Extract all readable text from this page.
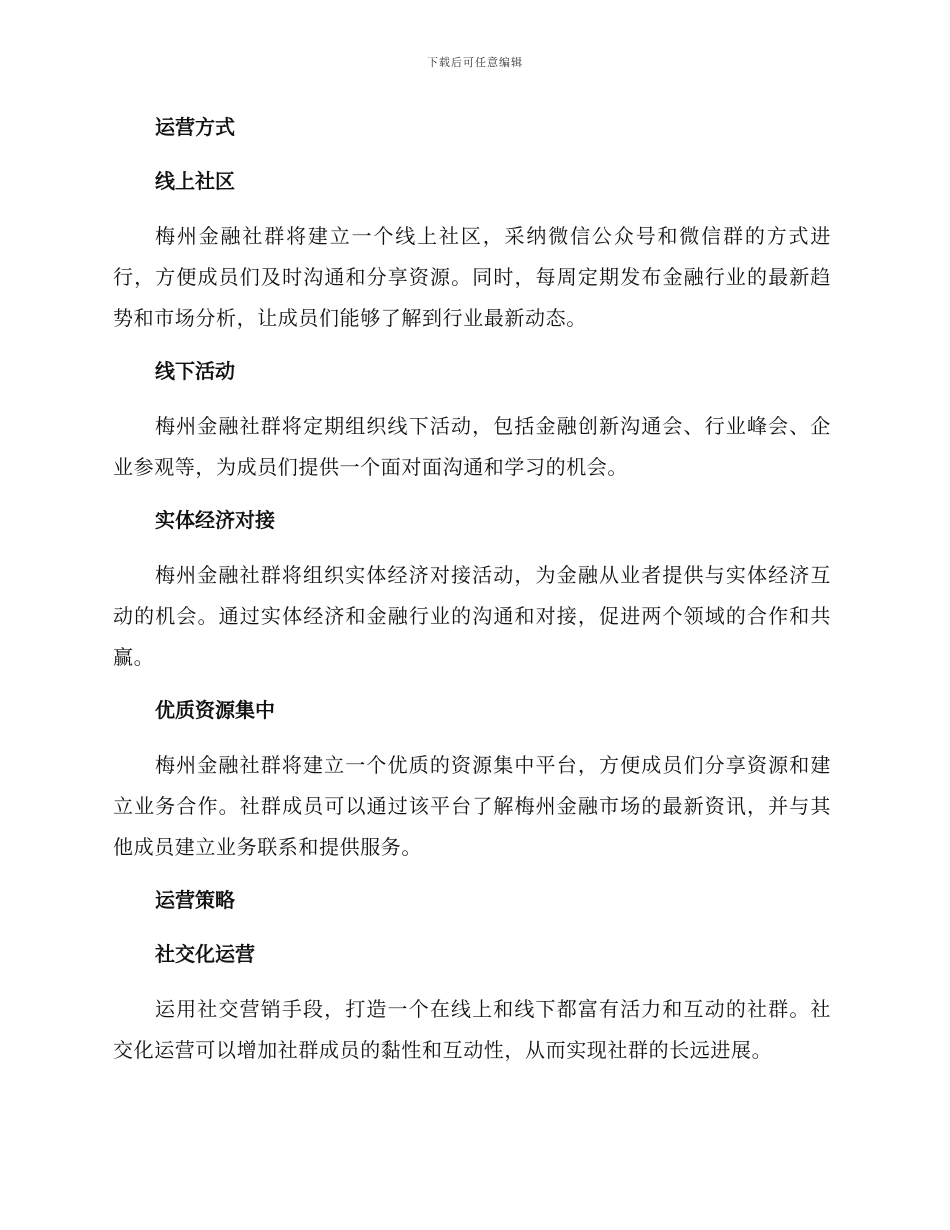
下载后可任意编辑
运营方式
线上社区

梅州金融社群将建立一个线上社区，采纳微信公众号和微信群的方式进行，方便成员们及时沟通和分享资源。同时，每周定期发布金融行业的最新趋势和市场分析，让成员们能够了解到行业最新动态。

线下活动

梅州金融社群将定期组织线下活动，包括金融创新沟通会、行业峰会、企业参观等，为成员们提供一个面对面沟通和学习的机会。

实体经济对接

梅州金融社群将组织实体经济对接活动，为金融从业者提供与实体经济互动的机会。通过实体经济和金融行业的沟通和对接，促进两个领域的合作和共赢。

优质资源集中

梅州金融社群将建立一个优质的资源集中平台，方便成员们分享资源和建立业务合作。社群成员可以通过该平台了解梅州金融市场的最新资讯，并与其他成员建立业务联系和提供服务。

运营策略
社交化运营

运用社交营销手段，打造一个在线上和线下都富有活力和互动的社群。社交化运营可以增加社群成员的黏性和互动性，从而实现社群的长远进展。
